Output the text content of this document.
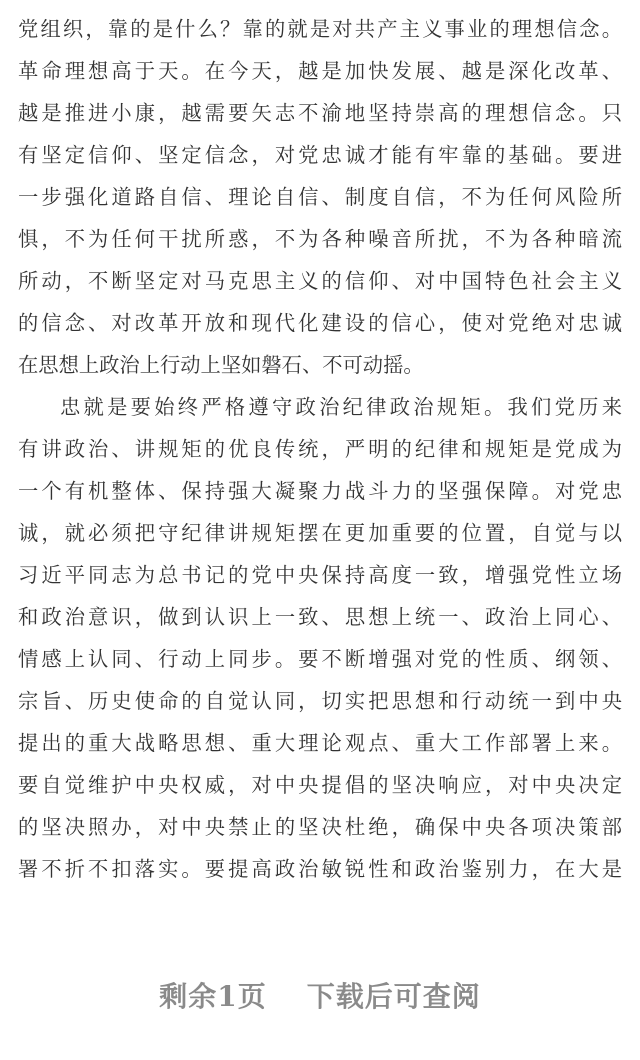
党组织，靠的是什么？靠的就是对共产主义事业的理想信念。
革命理想高于天。在今天，越是加快发展、越是深化改革、
越是推进小康，越需要矢志不渝地坚持崇高的理想信念。只
有坚定信仰、坚定信念，对党忠诚才能有牢靠的基础。要进
一步强化道路自信、理论自信、制度自信，不为任何风险所
惧，不为任何干扰所惑，不为各种噪音所扰，不为各种暗流
所动，不断坚定对马克思主义的信仰、对中国特色社会主义
的信念、对改革开放和现代化建设的信心，使对党绝对忠诚
在思想上政治上行动上坚如磐石、不可动摇。
忠就是要始终严格遵守政治纪律政治规矩。我们党历来
有讲政治、讲规矩的优良传统，严明的纪律和规矩是党成为
一个有机整体、保持强大凝聚力战斗力的坚强保障。对党忠
诚，就必须把守纪律讲规矩摆在更加重要的位置，自觉与以
习近平同志为总书记的党中央保持高度一致，增强党性立场
和政治意识，做到认识上一致、思想上统一、政治上同心、
情感上认同、行动上同步。要不断增强对党的性质、纲领、
宗旨、历史使命的自觉认同，切实把思想和行动统一到中央
提出的重大战略思想、重大理论观点、重大工作部署上来。
要自觉维护中央权威，对中央提倡的坚决响应，对中央决定
的坚决照办，对中央禁止的坚决杜绝，确保中央各项决策部
署不折不扣落实。要提高政治敏锐性和政治鉴别力，在大是
剩余1页 下载后可查阅
